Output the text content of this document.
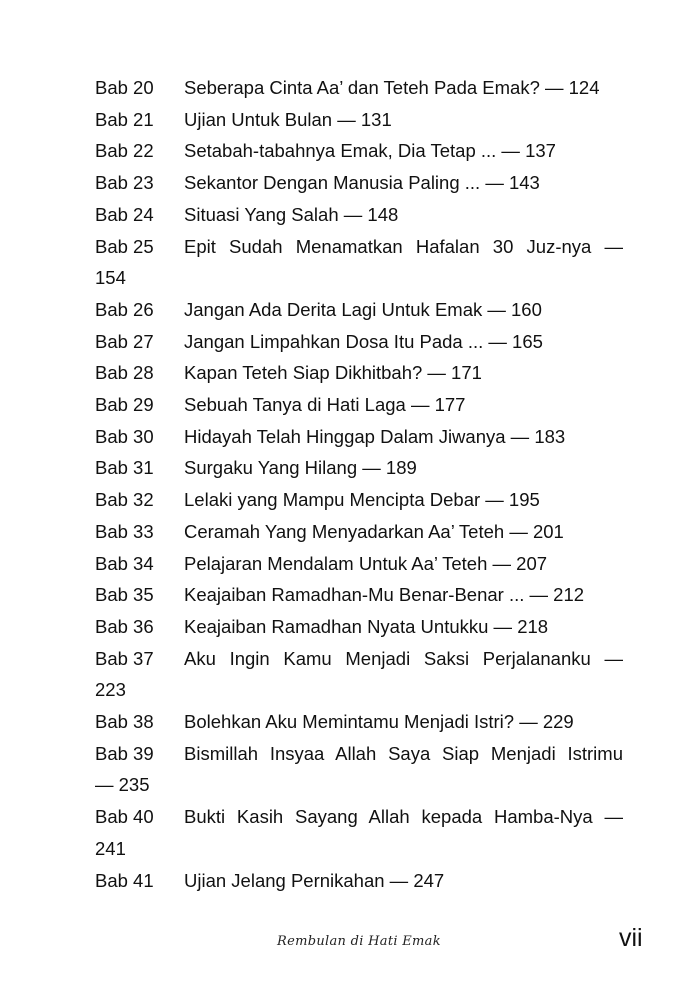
Bab 20	Seberapa Cinta Aa’ dan Teteh Pada Emak? — 124
Bab 21	Ujian Untuk Bulan — 131
Bab 22	Setabah-tabahnya Emak, Dia Tetap ... — 137
Bab 23	Sekantor Dengan Manusia Paling ... — 143
Bab 24	Situasi Yang Salah — 148
Bab 25	Epit Sudah Menamatkan Hafalan 30 Juz-nya —
154
Bab 26	Jangan Ada Derita Lagi Untuk Emak — 160
Bab 27	Jangan Limpahkan Dosa Itu Pada ... — 165
Bab 28	Kapan Teteh Siap Dikhitbah? — 171
Bab 29	Sebuah Tanya di Hati Laga — 177
Bab 30	Hidayah Telah Hinggap Dalam Jiwanya — 183
Bab 31	Surgaku Yang Hilang — 189
Bab 32	Lelaki yang Mampu Mencipta Debar — 195
Bab 33	Ceramah Yang Menyadarkan Aa’ Teteh — 201
Bab 34	Pelajaran Mendalam Untuk Aa’ Teteh — 207
Bab 35	Keajaiban Ramadhan-Mu Benar-Benar ... — 212
Bab 36	Keajaiban Ramadhan Nyata Untukku — 218
Bab 37	Aku Ingin Kamu Menjadi Saksi Perjalananku —
223
Bab 38	Bolehkan Aku Memintamu Menjadi Istri? — 229
Bab 39	Bismillah Insyaa Allah Saya Siap Menjadi Istrimu
— 235
Bab 40	Bukti Kasih Sayang Allah kepada Hamba-Nya —
241
Bab 41	Ujian Jelang Pernikahan — 247
Rembulan di Hati Emak	vii
